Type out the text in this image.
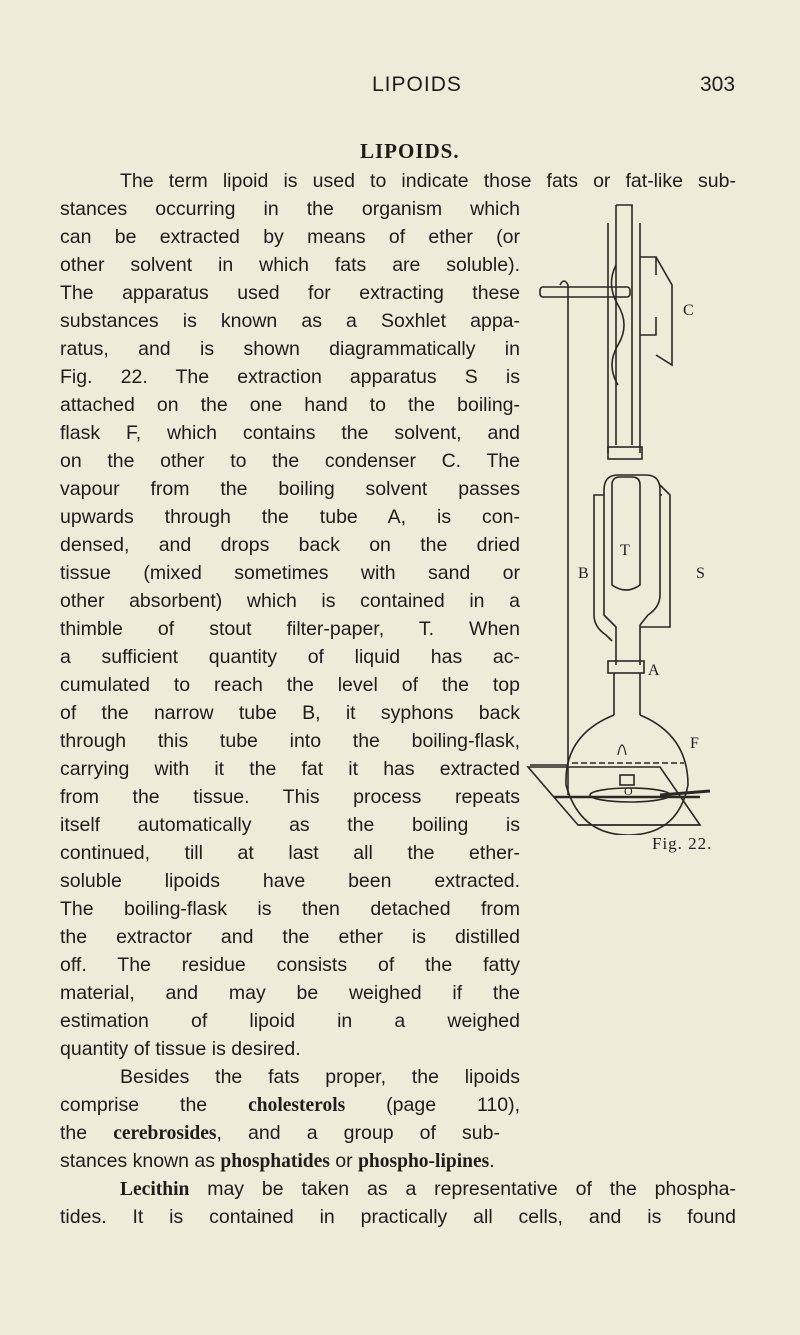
LIPOIDS	303
LIPOIDS.
The term lipoid is used to indicate those fats or fat-like sub-
stances occurring in the organism which
can be extracted by means of ether (or
other solvent in which fats are soluble).
The apparatus used for extracting these
substances is known as a Soxhlet appa-
ratus, and is shown diagrammatically in
Fig. 22. The extraction apparatus S is
attached on the one hand to the boiling-
flask F, which contains the solvent, and
on the other to the condenser C. The
vapour from the boiling solvent passes
upwards through the tube A, is con-
densed, and drops back on the dried
tissue (mixed sometimes with sand or
other absorbent) which is contained in a
thimble of stout filter-paper, T. When
a sufficient quantity of liquid has ac-
cumulated to reach the level of the top
of the narrow tube B, it syphons back
through this tube into the boiling-flask,
carrying with it the fat it has extracted
from the tissue. This process repeats
itself automatically as the boiling is
continued, till at last all the ether-
soluble lipoids have been extracted.
The boiling-flask is then detached from
the extractor and the ether is distilled
off. The residue consists of the fatty
material, and may be weighed if the
estimation of lipoid in a weighed
quantity of tissue is desired.
Besides the fats proper, the lipoids
comprise the cholesterols (page 110),
the cerebrosides, and a group of sub-
stances known as phosphatides or phospho-lipines.
Lecithin may be taken as a representative of the phospha-
tides. It is contained in practically all cells, and is found
C
S
B
T
A
F
O
Fig. 22.
